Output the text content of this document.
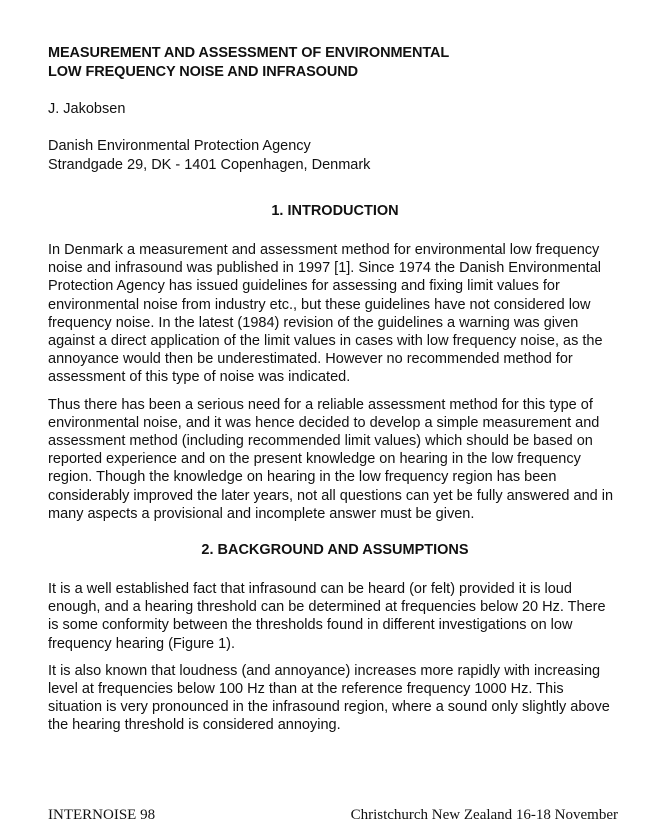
MEASUREMENT AND ASSESSMENT OF ENVIRONMENTAL
LOW FREQUENCY NOISE AND INFRASOUND
J. Jakobsen
Danish Environmental Protection Agency
Strandgade 29, DK - 1401 Copenhagen, Denmark
1. INTRODUCTION

In Denmark a measurement and assessment method for environmental low frequency noise and infrasound was published in 1997 [1]. Since 1974 the Danish Environmental Protection Agency has issued guidelines for assessing and fixing limit values for environmental noise from industry etc., but these guidelines have not considered low frequency noise. In the latest (1984) revision of the guidelines a warning was given against a direct application of the limit values in cases with low frequency noise, as the annoyance would then be underestimated. However no recommended method for assessment of this type of noise was indicated.

Thus there has been a serious need for a reliable assessment method for this type of environmental noise, and it was hence decided to develop a simple measurement and assessment method (including recommended limit values) which should be based on reported experience and on the present knowledge on hearing in the low frequency region. Though the knowledge on hearing in the low frequency region has been considerably improved the later years, not all questions can yet be fully answered and in many aspects a provisional and incomplete answer must be given.

2. BACKGROUND AND ASSUMPTIONS

It is a well established fact that infrasound can be heard (or felt) provided it is loud enough, and a hearing threshold can be determined at frequencies below 20 Hz. There is some conformity between the thresholds found in different investigations on low frequency hearing (Figure 1).

It is also known that loudness (and annoyance) increases more rapidly with increasing level at frequencies below 100 Hz than at the reference frequency 1000 Hz. This situation is very pronounced in the infrasound region, where a sound only slightly above the hearing threshold is considered annoying.

INTERNOISE 98	Christchurch New Zealand 16-18 November
